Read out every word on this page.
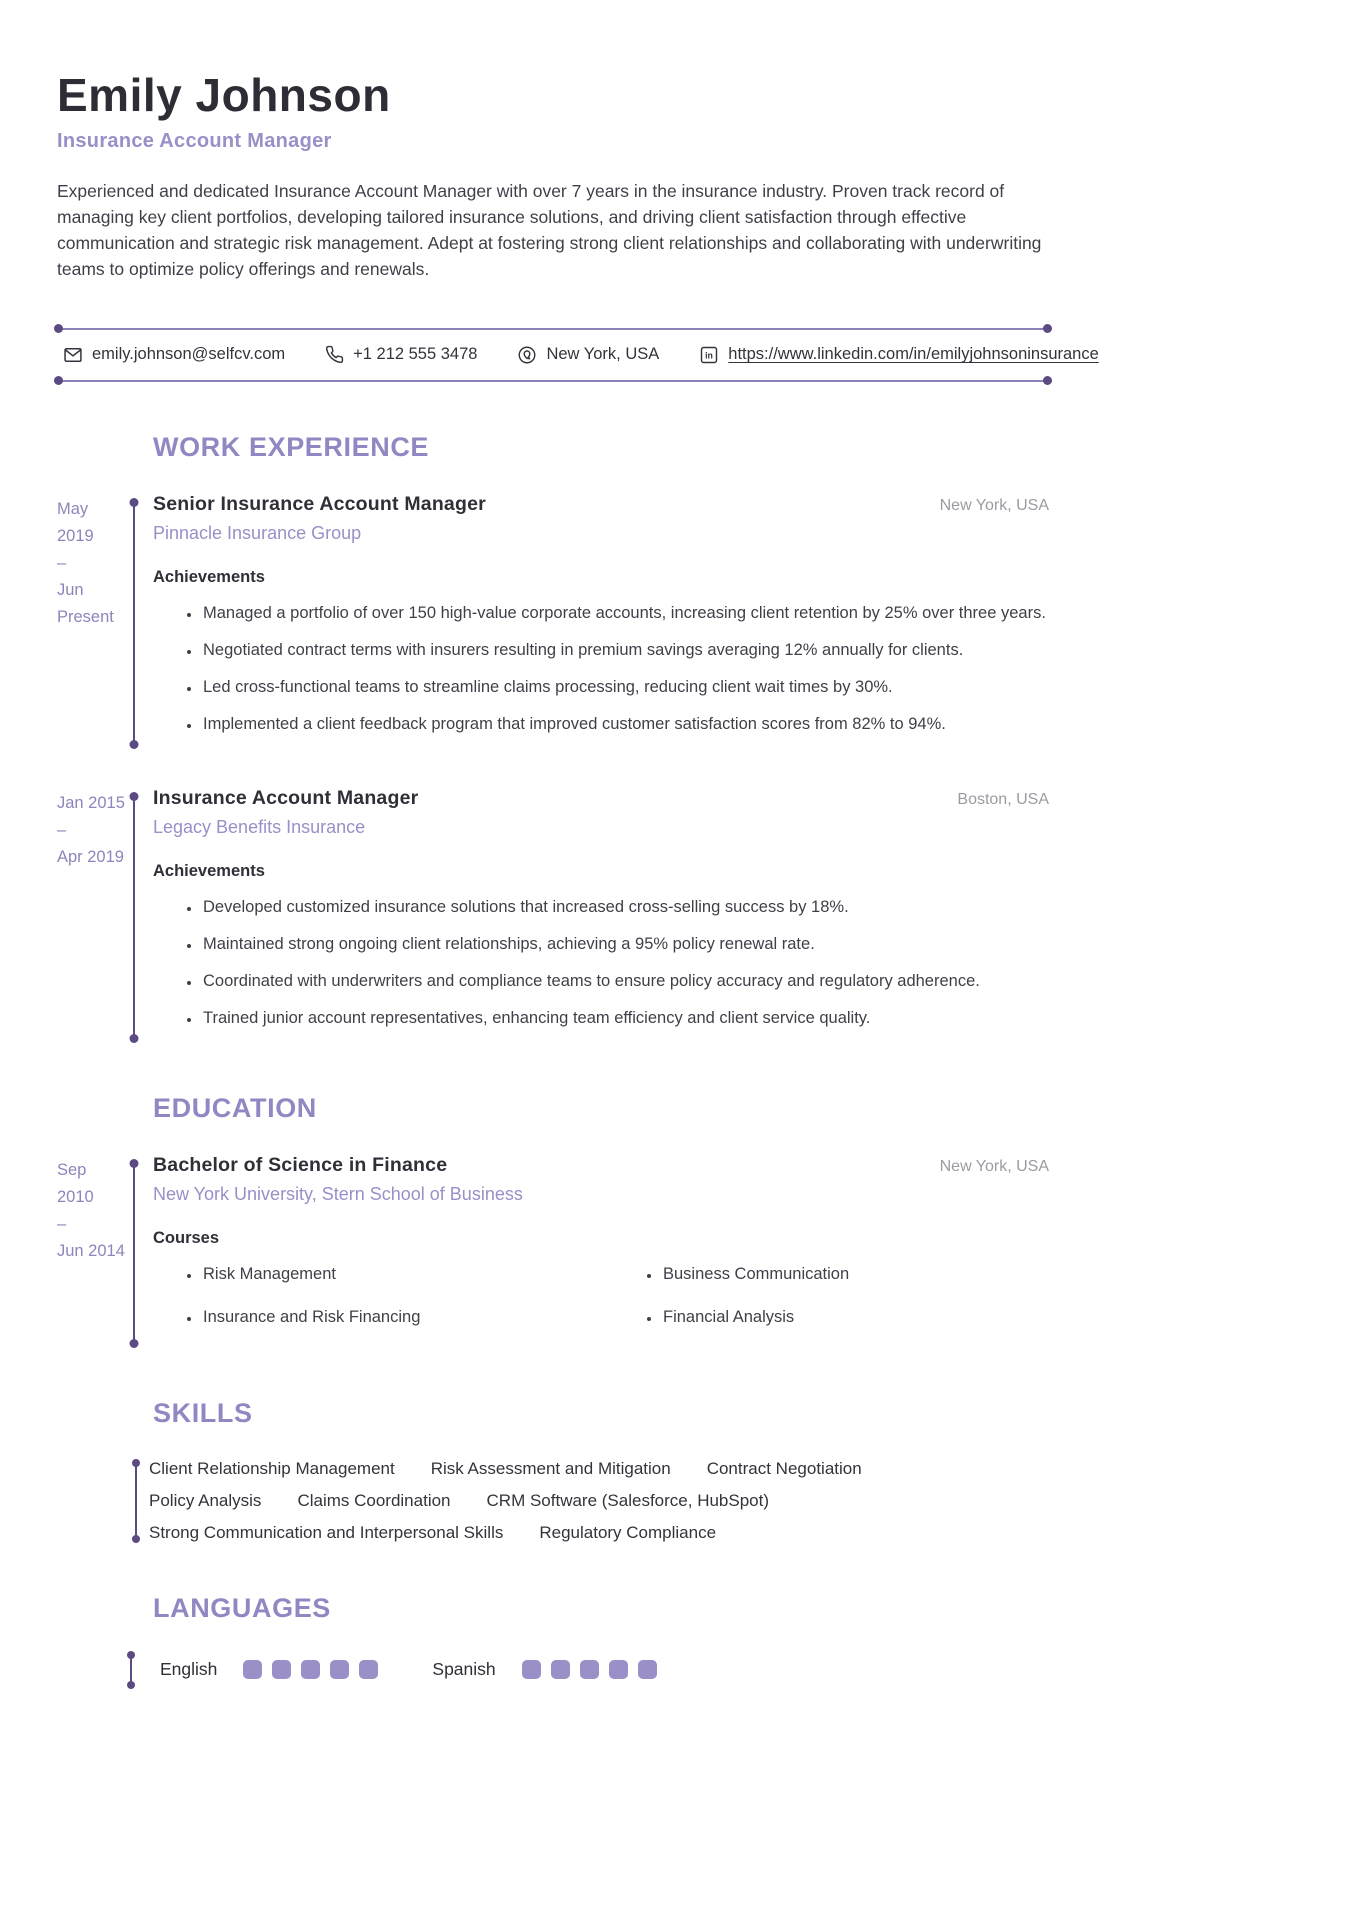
Emily Johnson
Insurance Account Manager

Experienced and dedicated Insurance Account Manager with over 7 years in the insurance industry. Proven track record of managing key client portfolios, developing tailored insurance solutions, and driving client satisfaction through effective communication and strategic risk management. Adept at fostering strong client relationships and collaborating with underwriting teams to optimize policy offerings and renewals.

emily.johnson@selfcv.com	+1 212 555 3478	New York, USA	in https://www.linkedin.com/in/emilyjohnsoninsurance
WORK EXPERIENCE
May 2019
–
Jun
Present
Senior Insurance Account Manager	New York, USA
Pinnacle Insurance Group
Achievements
• Managed a portfolio of over 150 high-value corporate accounts, increasing client retention by 25% over three years.
• Negotiated contract terms with insurers resulting in premium savings averaging 12% annually for clients.
• Led cross-functional teams to streamline claims processing, reducing client wait times by 30%.
• Implemented a client feedback program that improved customer satisfaction scores from 82% to 94%.
Jan 2015
–
Apr 2019
Insurance Account Manager	Boston, USA
Legacy Benefits Insurance
Achievements
• Developed customized insurance solutions that increased cross-selling success by 18%.
• Maintained strong ongoing client relationships, achieving a 95% policy renewal rate.
• Coordinated with underwriters and compliance teams to ensure policy accuracy and regulatory adherence.
• Trained junior account representatives, enhancing team efficiency and client service quality.
EDUCATION
Sep 2010
–
Jun 2014
Bachelor of Science in Finance	New York, USA
New York University, Stern School of Business
Courses
• Risk Management
• Insurance and Risk Financing
• Business Communication
• Financial Analysis
SKILLS
Client Relationship Management Risk Assessment and Mitigation Contract Negotiation
Policy Analysis Claims Coordination CRM Software (Salesforce, HubSpot)
Strong Communication and Interpersonal Skills Regulatory Compliance
LANGUAGES
English	Spanish
